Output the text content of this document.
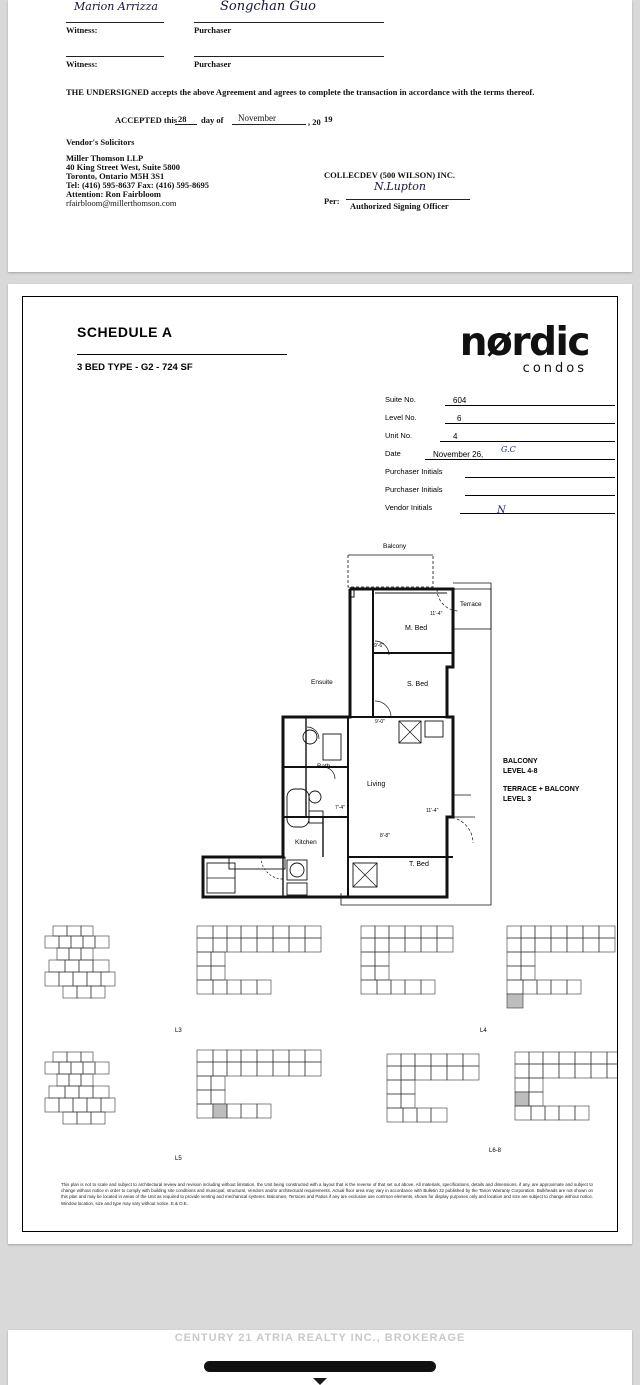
Marion Arrizza	Songchan Guo
Witness:	Purchaser
Witness:	Purchaser
THE UNDERSIGNED accepts the above Agreement and agrees to complete the transaction in accordance with the terms thereof.
ACCEPTED this 28 day of November	, 20 19
Vendor's Solicitors
Miller Thomson LLP
40 King Street West, Suite 5800
Toronto, Ontario M5H 3S1
Tel: (416) 595-8637 Fax: (416) 595-8695
Attention: Ron Fairbloom
rfairbloom@millerthomson.com
COLLECDEV (500 WILSON) INC.
N.Lupton
Per: Authorized Signing Officer
SCHEDULE A
3 BED TYPE - G2 - 724 SF
nørdic
condos
Suite No.	604
Level No.	6
Unit No.	4
Date	November 26,
G.C
Purchaser Initials
Purchaser Initials
Vendor Initials	N
BALCONY
LEVEL 4-8
TERRACE + BALCONY
LEVEL 3
Balcony
Terrace
M. Bed
S. Bed
Ensuite
Bath
Living
Kitchen
T. Bed
11'-4"
9'-6"
9'-0"
7'-4"	11'-4"
8'-8"
L3	L4
L5
L6-8
This plan is not to scale and subject to architectural review and revision including without limitation, the Unit being constructed with a layout that is the reverse of that set out above. All materials, specifications, details and dimensions, if any, are approximate and subject to change without notice in order to comply with building site conditions and municipal, structural, Vendors and/or architectural requirements. Actual floor area may vary in accordance with Bulletin 22 published by the Tarion Warranty Corporation. Bulkheads are not shown on this plan and may be located in areas of the Unit as required to provide venting and mechanical systems. Balconies, Terraces and Patios if any are exclusive use common elements, shown for display purposes only and location and size are subject to change without notice. Window location, size and type may vary without notice. E.& O.E.
CENTURY 21 ATRIA REALTY INC., BROKERAGE
